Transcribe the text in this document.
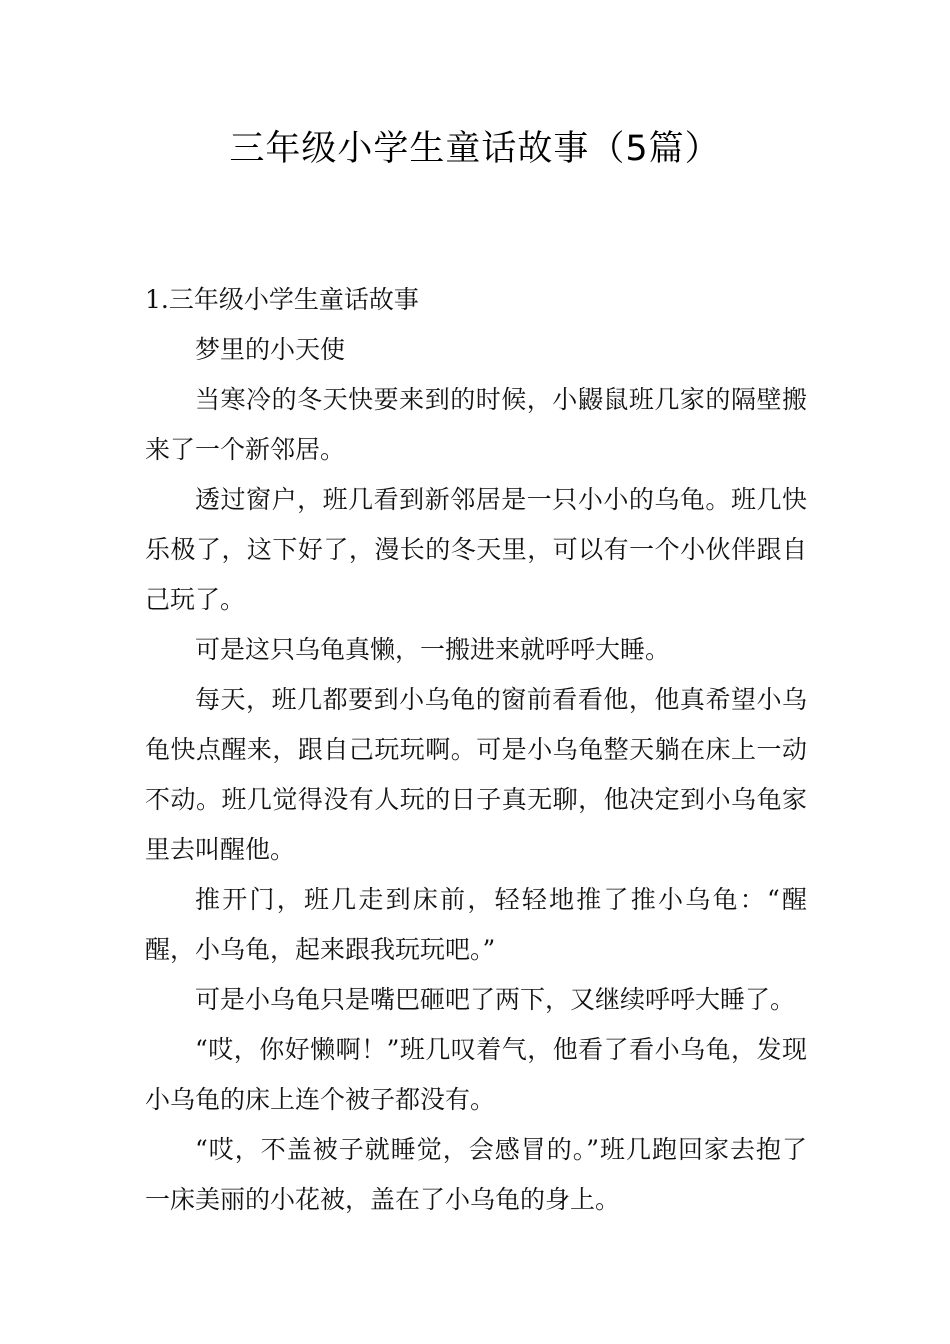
三年级小学生童话故事（5篇）

1.三年级小学生童话故事

梦里的小天使

当寒冷的冬天快要来到的时候，小鼹鼠班几家的隔壁搬来了一个新邻居。

透过窗户，班几看到新邻居是一只小小的乌龟。班几快乐极了，这下好了，漫长的冬天里，可以有一个小伙伴跟自己玩了。

可是这只乌龟真懒，一搬进来就呼呼大睡。

每天，班几都要到小乌龟的窗前看看他，他真希望小乌龟快点醒来，跟自己玩玩啊。可是小乌龟整天躺在床上一动不动。班几觉得没有人玩的日子真无聊，他决定到小乌龟家里去叫醒他。

推开门，班几走到床前，轻轻地推了推小乌龟：“醒醒，小乌龟，起来跟我玩玩吧。”

可是小乌龟只是嘴巴砸吧了两下，又继续呼呼大睡了。

“哎，你好懒啊！”班几叹着气，他看了看小乌龟，发现小乌龟的床上连个被子都没有。

“哎，不盖被子就睡觉，会感冒的。”班几跑回家去抱了一床美丽的小花被，盖在了小乌龟的身上。
